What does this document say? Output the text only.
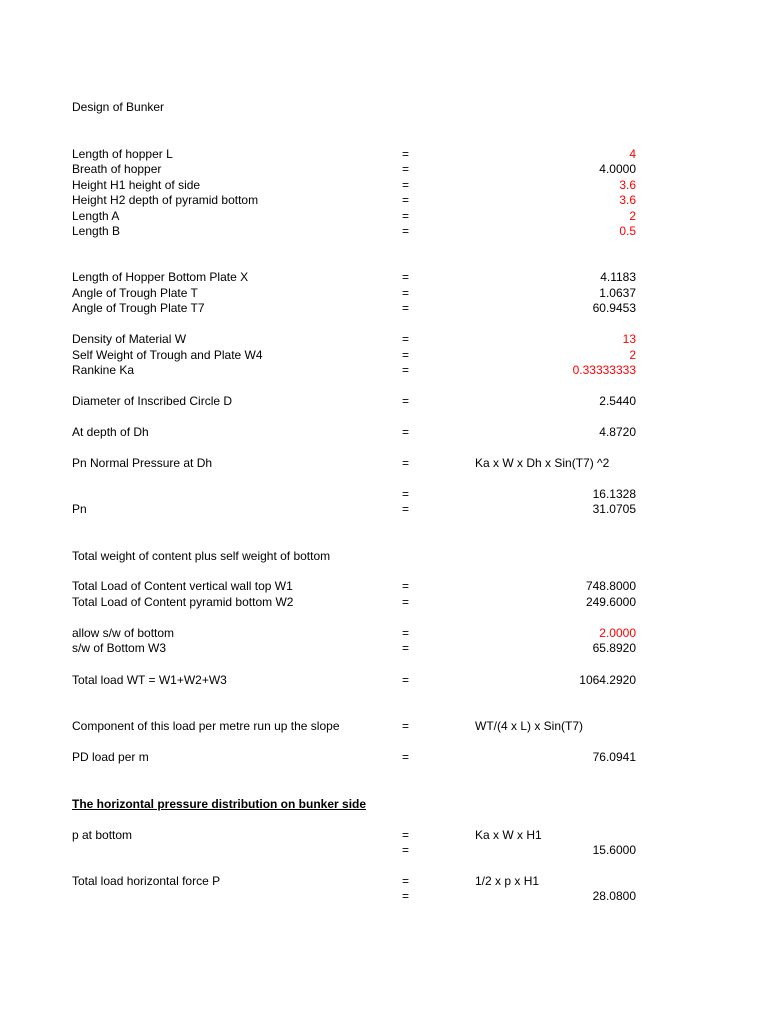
Design of Bunker
Length of hopper L	=	4
Breath of hopper	=	4.0000
Height H1 height of side	=	3.6
Height H2 depth of pyramid bottom	=	3.6
Length A	=	2
Length B	=	0.5
Length of Hopper Bottom Plate X	=	4.1183
Angle of Trough Plate T	=	1.0637
Angle of Trough Plate T7	=	60.9453
Density of Material W	=	13
Self Weight of Trough and Plate W4	=	2
Rankine Ka	=	0.33333333
Diameter of Inscribed Circle D	=	2.5440
At depth of Dh	=	4.8720
Pn Normal Pressure at Dh	=	Ka x W x Dh x Sin(T7) ^2
=	16.1328
Pn	=	31.0705
Total weight of content plus self weight of bottom
Total Load of Content vertical wall top W1	=	748.8000
Total Load of Content pyramid bottom W2	=	249.6000
allow s/w of bottom	=	2.0000
s/w of Bottom W3	=	65.8920
Total load WT = W1+W2+W3	=	1064.2920
Component of this load per metre run up the slope	=	WT/(4 x L) x Sin(T7)
PD load per m	=	76.0941
The horizontal pressure distribution on bunker side
p at bottom	=	Ka x W x H1
=	15.6000
Total load horizontal force P	=	1/2 x p x H1
=	28.0800
